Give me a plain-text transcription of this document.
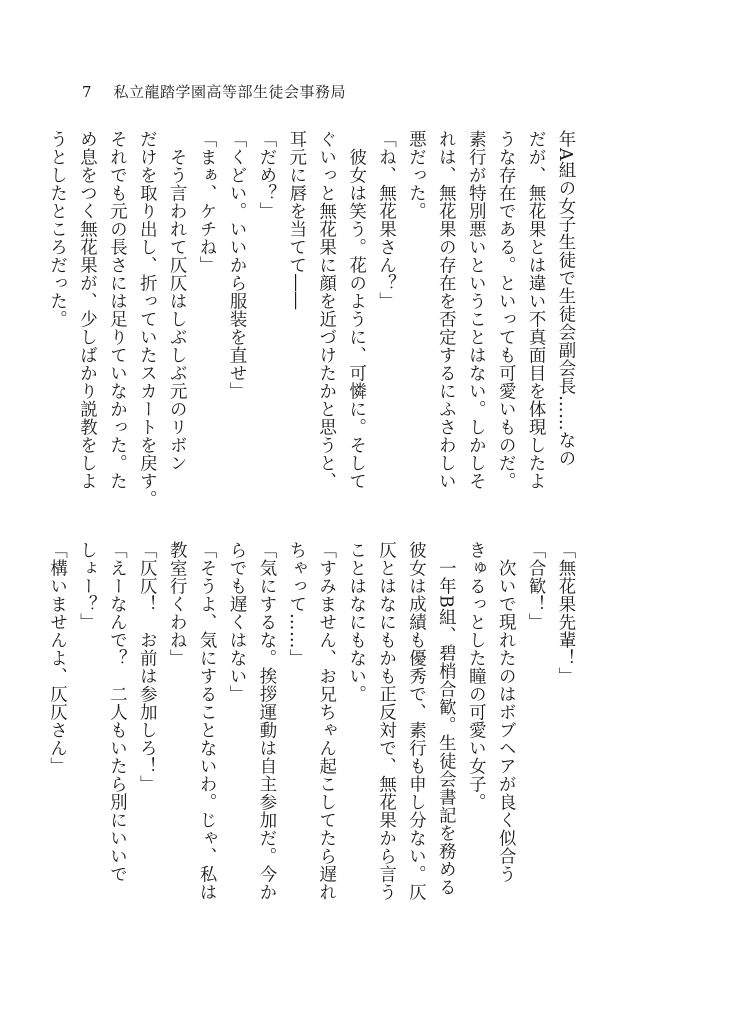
7 私立龍踏学園高等部生徒会事務局
年A組の女子生徒で生徒会副会長……なの
だが、無花果とは違い不真面目を体現したよ
うな存在である。といっても可愛いものだ。
素行が特別悪いということはない。しかしそ
れは、無花果の存在を否定するにふさわしい
悪だった。
「ね、無花果さん？」
　彼女は笑う。花のように、可憐に。そして
ぐいっと無花果に顔を近づけたかと思うと、
耳元に唇を当てて――
「だめ？」
「くどい。いいから服装を直せ」
「まぁ、ケチね」
　そう言われて仄仄はしぶしぶ元のリボン
だけを取り出し、折っていたスカートを戻す。
それでも元の長さには足りていなかった。た
め息をつく無花果が、少しばかり説教をしよ
うとしたところだった。
「無花果先輩！」
「合歓！」
　次いで現れたのはボブヘアが良く似合う
きゅるっとした瞳の可愛い女子。
　一年B組、碧梢合歓。生徒会書記を務める
彼女は成績も優秀で、素行も申し分ない。仄
仄とはなにもかも正反対で、無花果から言う
ことはなにもない。
「すみません、お兄ちゃん起こしてたら遅れ
ちゃって……」
「気にするな。挨拶運動は自主参加だ。今か
らでも遅くはない」
「そうよ、気にすることないわ。じゃ、私は
教室行くわね」
「仄仄！　お前は参加しろ！」
「えーなんで？　二人もいたら別にいいで
しょー？」
「構いませんよ、仄仄さん」
